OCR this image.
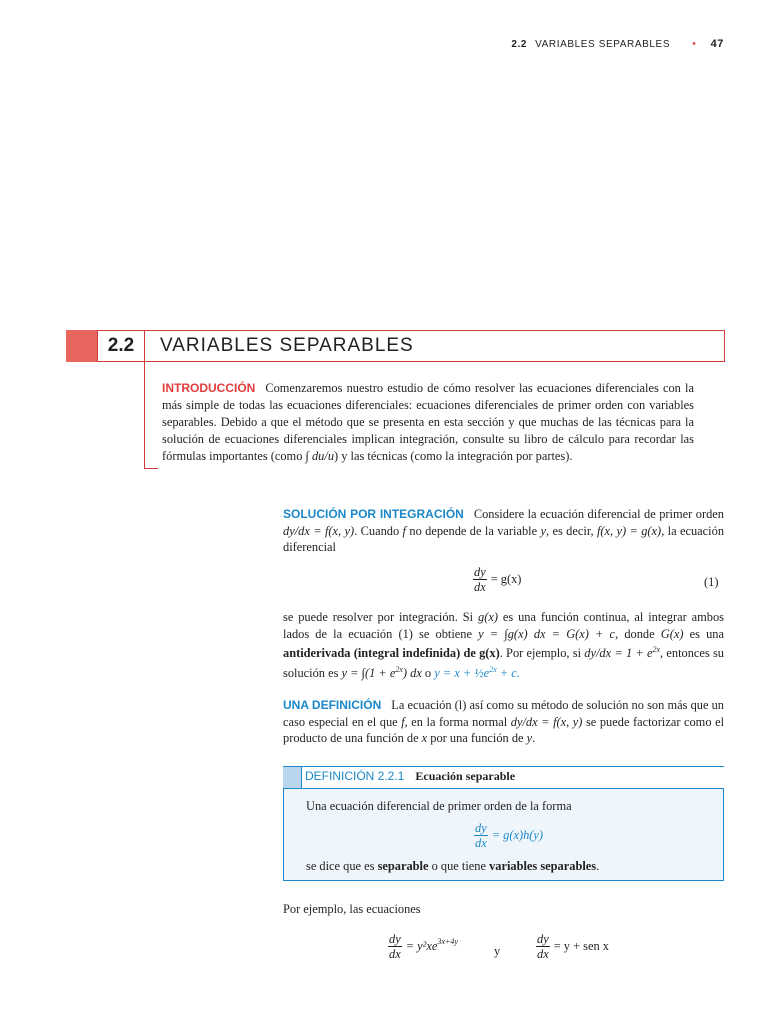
2.2 VARIABLES SEPARABLES • 47
2.2	VARIABLES SEPARABLES
INTRODUCCIÓN Comenzaremos nuestro estudio de cómo resolver las ecuaciones diferenciales con la más simple de todas las ecuaciones diferenciales: ecuaciones diferenciales de primer orden con variables separables. Debido a que el método que se presenta en esta sección y que muchas de las técnicas para la solución de ecuaciones diferenciales implican integración, consulte su libro de cálculo para recordar las fórmulas importantes (como ∫ du/u) y las técnicas (como la integración por partes).
SOLUCIÓN POR INTEGRACIÓN Considere la ecuación diferencial de primer orden dy/dx = f(x, y). Cuando f no depende de la variable y, es decir, f(x, y) = g(x), la ecuación diferencial
$\frac{dy}{dx} = g(x)$	(1)
se puede resolver por integración. Si g(x) es una función continua, al integrar ambos lados de la ecuación (1) se obtiene y = ∫g(x) dx = G(x) + c, donde G(x) es una antiderivada (integral indefinida) de g(x). Por ejemplo, si $dy/dx = 1 + e^{2x}$, entonces su solución es $y = \int(1 + e^{2x})$ dx o $y = x + \frac{1}{2}e^{2x} + c$.
UNA DEFINICIÓN La ecuación (l) así como su método de solución no son más que un caso especial en el que f, en la forma normal dy/dx = f(x, y) se puede factorizar como el producto de una función de x por una función de y.
DEFINICIÓN 2.2.1 Ecuación separable
Una ecuación diferencial de primer orden de la forma
$\frac{dy}{dx} = g(x)h(y)$
se dice que es separable o que tiene variables separables.
Por ejemplo, las ecuaciones
$\frac{dy}{dx} = y^2xe$ $^{3x+4y}$
y	$\frac{dy}{dx} = y$ + sen x
